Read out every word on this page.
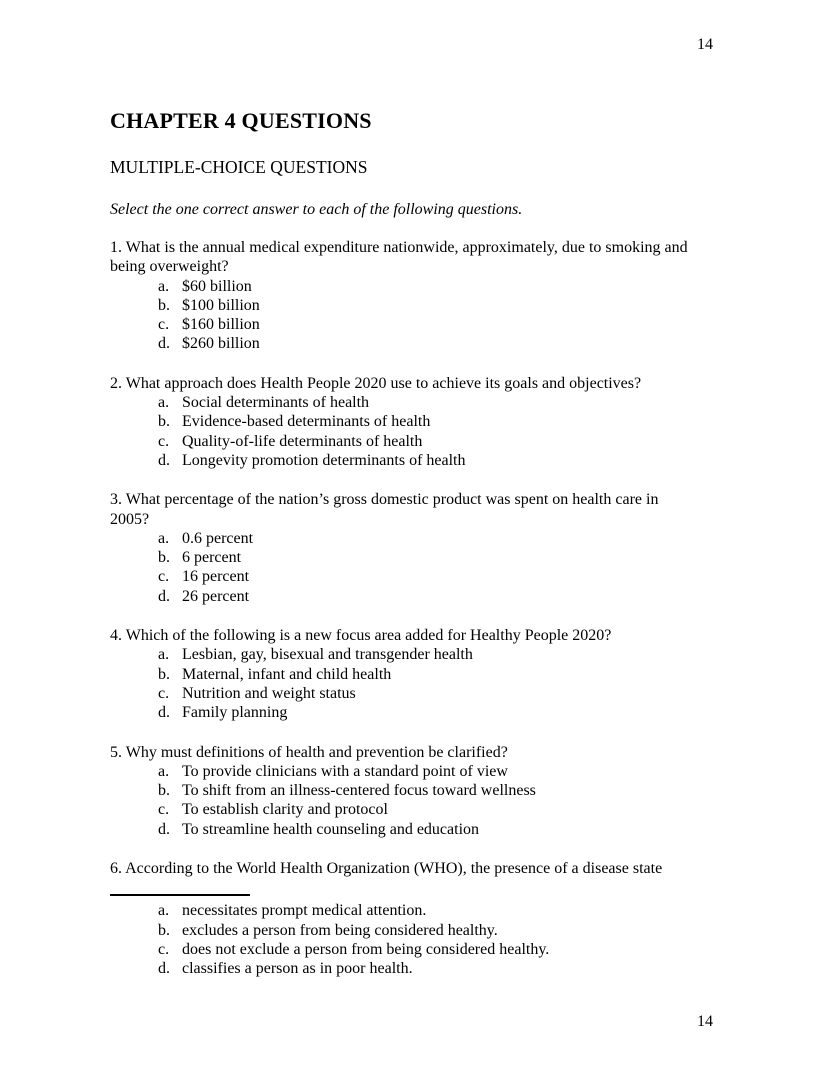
14
CHAPTER 4 QUESTIONS
MULTIPLE-CHOICE QUESTIONS
Select the one correct answer to each of the following questions.

1. What is the annual medical expenditure nationwide, approximately, due to smoking and being overweight?

a. $60 billion
b. $100 billion
c. $160 billion
d. $260 billion

2. What approach does Health People 2020 use to achieve its goals and objectives?

a. Social determinants of health
b. Evidence-based determinants of health
c. Quality-of-life determinants of health
d. Longevity promotion determinants of health

3. What percentage of the nation’s gross domestic product was spent on health care in 2005?

a. 0.6 percent
b. 6 percent
c. 16 percent
d. 26 percent

4. Which of the following is a new focus area added for Healthy People 2020?

a. Lesbian, gay, bisexual and transgender health
b. Maternal, infant and child health
c. Nutrition and weight status
d. Family planning

5. Why must definitions of health and prevention be clarified?

a. To provide clinicians with a standard point of view
b. To shift from an illness-centered focus toward wellness
c. To establish clarity and protocol
d. To streamline health counseling and education

6. According to the World Health Organization (WHO), the presence of a disease state

a. necessitates prompt medical attention.
b. excludes a person from being considered healthy.
c. does not exclude a person from being considered healthy.
d. classifies a person as in poor health.
14
